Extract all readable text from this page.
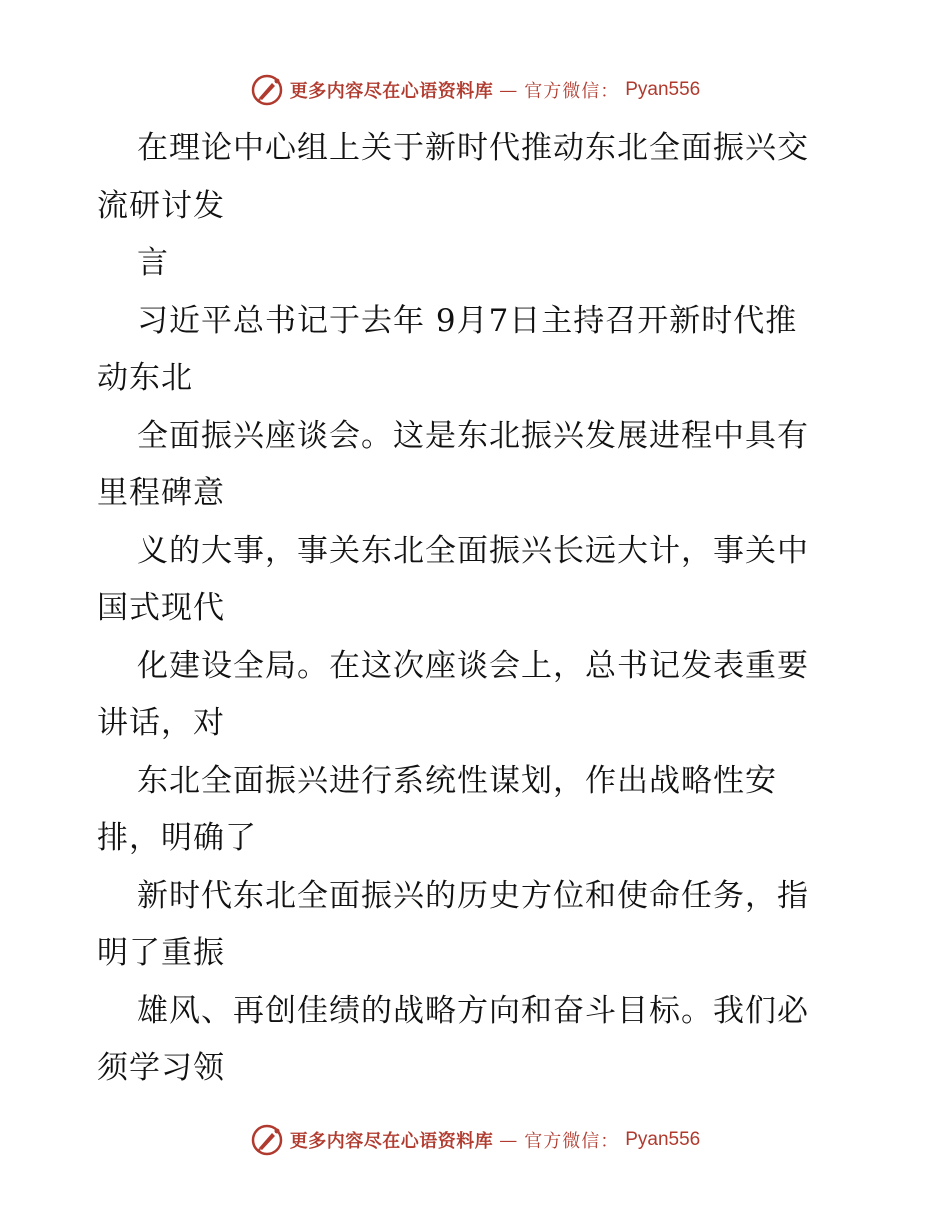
更多内容尽在心语资料库 — 官方微信： Pyan556
在理论中心组上关于新时代推动东北全面振兴交
流研讨发
言
习近平总书记于去年 9月7日主持召开新时代推
动东北
全面振兴座谈会。这是东北振兴发展进程中具有
里程碑意
义的大事，事关东北全面振兴长远大计，事关中
国式现代
化建设全局。在这次座谈会上，总书记发表重要
讲话，对
东北全面振兴进行系统性谋划，作出战略性安
排，明确了
新时代东北全面振兴的历史方位和使命任务，指
明了重振
雄风、再创佳绩的战略方向和奋斗目标。我们必
须学习领
更多内容尽在心语资料库 — 官方微信： Pyan556
